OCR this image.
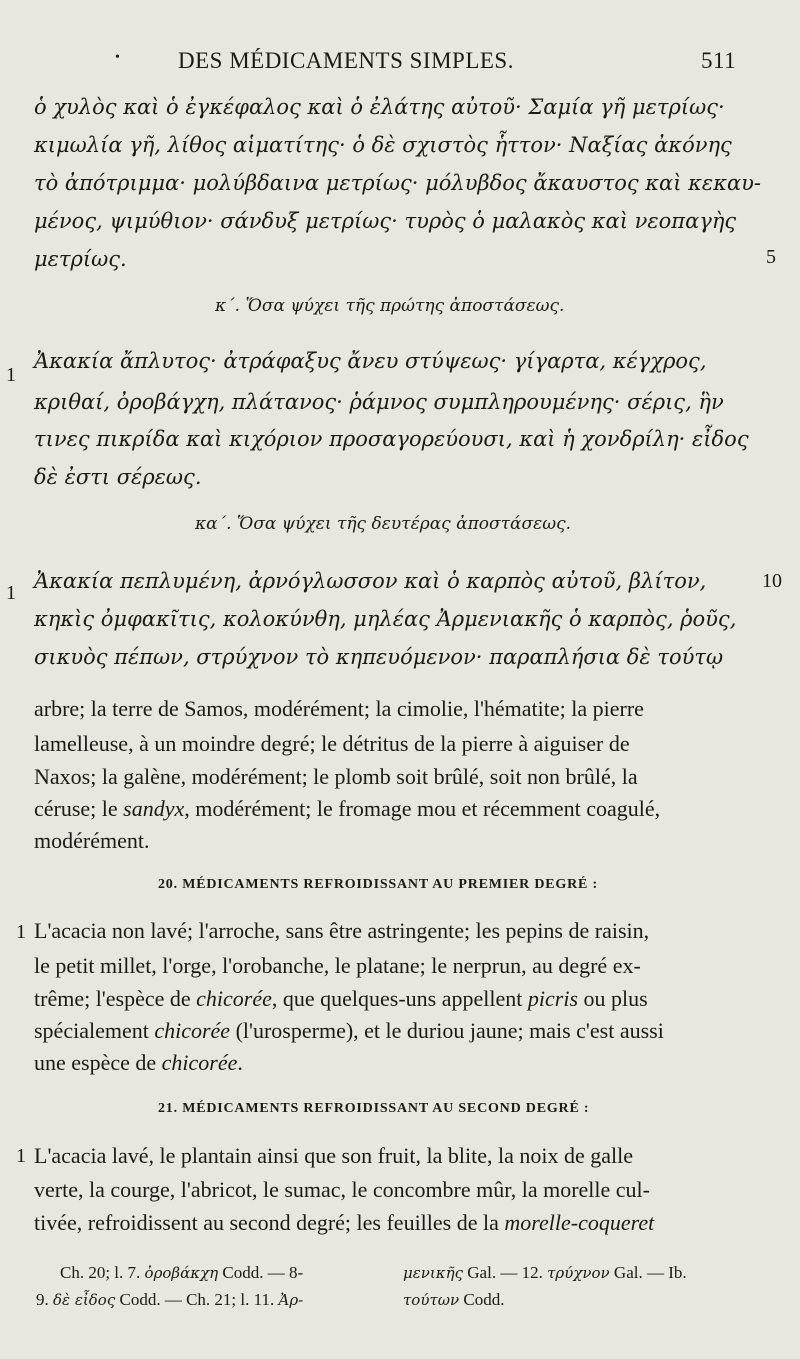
•	DES MÉDICAMENTS SIMPLES.	511
ὁ χυλὸς καὶ ὁ ἐγκέφαλος καὶ ὁ ἐλάτης αὐτοῦ· Σαμία γῆ μετρίως·
κιμωλία γῆ, λίθος αἱματίτης· ὁ δὲ σχιστὸς ἧττον· Ναξίας ἀκόνης
τὸ ἀπότριμμα· μολύβδαινα μετρίως· μόλυβδος ἄκαυστος καὶ κεκαυ-
μένος, ψιμύθιον· σάνδυξ μετρίως· τυρὸς ὁ μαλακὸς καὶ νεοπαγὴς
μετρίως.	5
κ΄. Ὅσα ψύχει τῆς πρώτης ἀποστάσεως.
1
Ἀκακία ἄπλυτος· ἀτράφαξυς ἄνευ στύψεως· γίγαρτα, κέγχρος,
κριθαί, ὀροβάγχη, πλάτανος· ῥάμνος συμπληρουμένης· σέρις, ἣν
τινες πικρίδα καὶ κιχόριον προσαγορεύουσι, καὶ ἡ χονδρίλη· εἶδος
δὲ ἐστι σέρεως.
κα΄. Ὅσα ψύχει τῆς δευτέρας ἀποστάσεως.
1
10
Ἀκακία πεπλυμένη, ἀρνόγλωσσον καὶ ὁ καρπὸς αὐτοῦ, βλίτον,
κηκὶς ὀμφακῖτις, κολοκύνθη, μηλέας Ἀρμενιακῆς ὁ καρπὸς, ῥοῦς,
σικυὸς πέπων, στρύχνον τὸ κηπευόμενον· παραπλήσια δὲ τούτῳ
arbre; la terre de Samos, modérément; la cimolie, l'hématite; la pierre
lamelleuse, à un moindre degré; le détritus de la pierre à aiguiser de
Naxos; la galène, modérément; le plomb soit brûlé, soit non brûlé, la
céruse; le sandyx, modérément; le fromage mou et récemment coagulé,
modérément.
20. MÉDICAMENTS REFROIDISSANT AU PREMIER DEGRÉ :
1 L'acacia non lavé; l'arroche, sans être astringente; les pepins de raisin,
le petit millet, l'orge, l'orobanche, le platane; le nerprun, au degré ex-
trême; l'espèce de chicorée, que quelques-uns appellent picris ou plus
spécialement chicorée (l'urosperme), et le duriou jaune; mais c'est aussi
une espèce de chicorée.
21. MÉDICAMENTS REFROIDISSANT AU SECOND DEGRÉ :
1 L'acacia lavé, le plantain ainsi que son fruit, la blite, la noix de galle
verte, la courge, l'abricot, le sumac, le concombre mûr, la morelle cul-
tivée, refroidissent au second degré; les feuilles de la morelle-coqueret
Ch. 20; l. 7. ὀροβάκχη Codd. — 8-
9. δὲ εἶδος Codd. — Ch. 21; l. 11. Ἀρ-
μενικῆς Gal. — 12. τρύχνον Gal. — Ib.
τούτων Codd.
